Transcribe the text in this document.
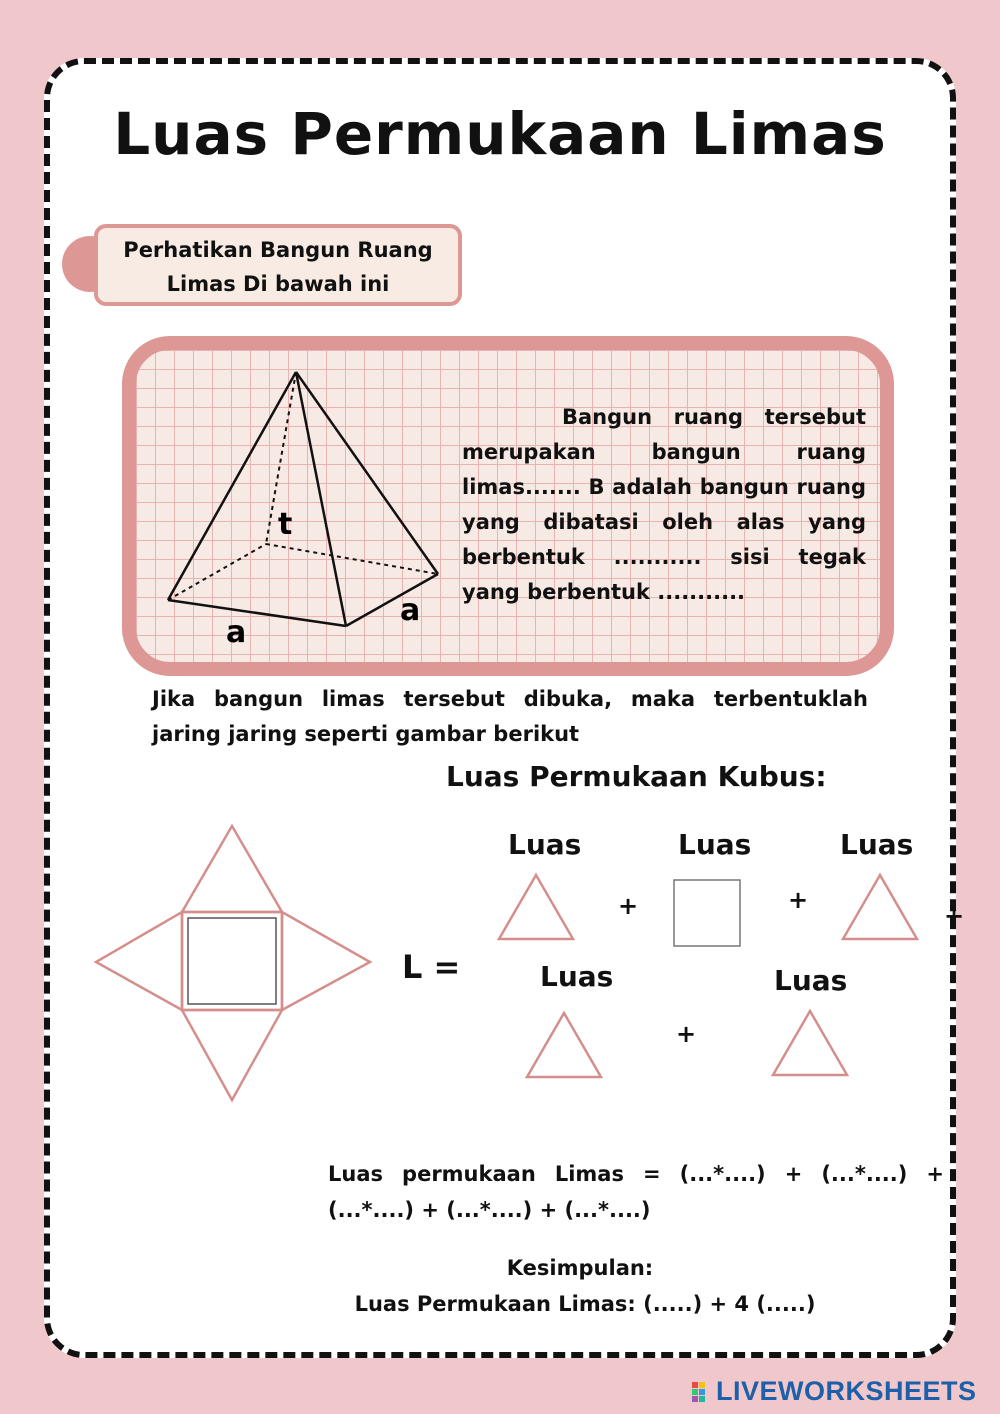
Luas Permukaan Limas
Perhatikan Bangun Ruang
Limas Di bawah ini
t
a
a
Bangun ruang tersebut merupakan bangun ruang limas....... B adalah bangun ruang yang dibatasi oleh alas yang berbentuk ........... sisi tegak yang berbentuk ...........
Jika bangun limas tersebut dibuka, maka terbentuklah jaring jaring seperti gambar berikut
Luas Permukaan Kubus:
L =
Luas	Luas	Luas
Luas	Luas
+	+
+
+
Luas permukaan Limas = (...*....) + (...*....) + (...*....) + (...*....) + (...*....)
Kesimpulan:
Luas Permukaan Limas: (.....) + 4 (.....)
LIVEWORKSHEETS
